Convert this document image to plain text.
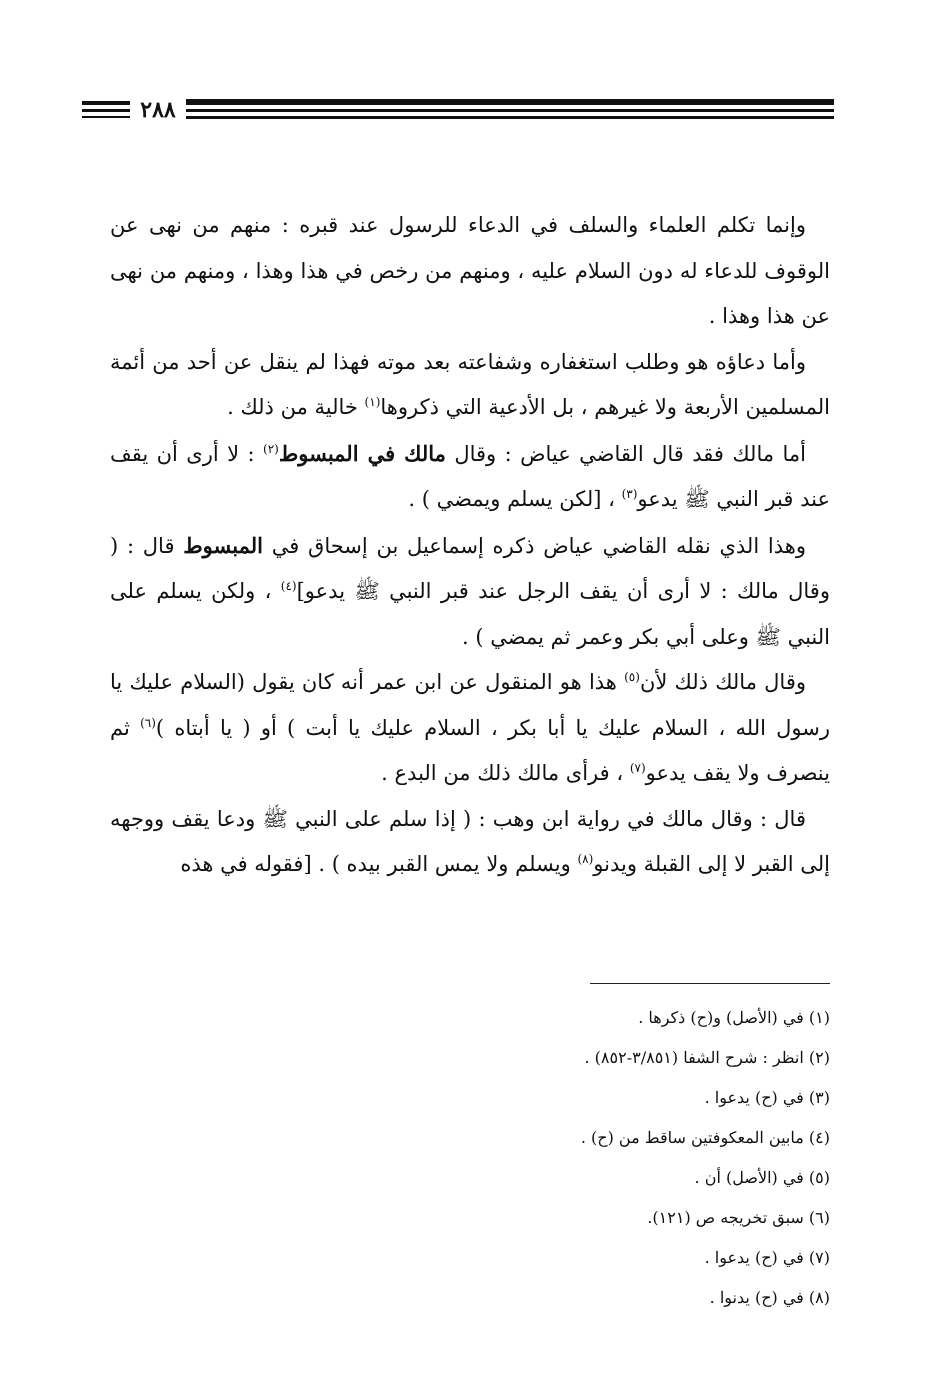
٢٨٨

وإنما تكلم العلماء والسلف في الدعاء للرسول عند قبره : منهم من نهى عن الوقوف للدعاء له دون السلام عليه ، ومنهم من رخص في هذا وهذا ، ومنهم من نهى عن هذا وهذا .

وأما دعاؤه هو وطلب استغفاره وشفاعته بعد موته فهذا لم ينقل عن أحد من أئمة المسلمين الأربعة ولا غيرهم ، بل الأدعية التي ذكروها$^{(١)}$ خالية من ذلك .

أما مالك فقد قال القاضي عياض : وقال مالك في المبسوط$^{(٢)}$ : لا أرى أن يقف عند قبر النبي ﷺ يدعو$^{(٣)}$ ، [لكن يسلم ويمضي ) .

وهذا الذي نقله القاضي عياض ذكره إسماعيل بن إسحاق في المبسوط قال : ( وقال مالك : لا أرى أن يقف الرجل عند قبر النبي ﷺ يدعو]$^{(٤)}$ ، ولكن يسلم على النبي ﷺ وعلى أبي بكر وعمر ثم يمضي ) .

وقال مالك ذلك لأن$^{(٥)}$ هذا هو المنقول عن ابن عمر أنه كان يقول (السلام عليك يا رسول الله ، السلام عليك يا أبا بكر ، السلام عليك يا أبت ) أو ( يا أبتاه )$^{(٦)}$ ثم ينصرف ولا يقف يدعو$^{(٧)}$ ، فرأى مالك ذلك من البدع .

قال : وقال مالك في رواية ابن وهب : ( إذا سلم على النبي ﷺ ودعا يقف ووجهه إلى القبر لا إلى القبلة ويدنو$^{(٨)}$ ويسلم ولا يمس القبر بيده ) . [فقوله في هذه

(١) في (الأصل) و(ح) ذكرها .
(٢) انظر : شرح الشفا (٣/٨٥١-٨٥٢) .
(٣) في (ح) يدعوا .
(٤) مابين المعكوفتين ساقط من (ح) .
(٥) في (الأصل) أن .
(٦) سبق تخريجه ص (١٢١).
(٧) في (ح) يدعوا .
(٨) في (ح) يدنوا .
